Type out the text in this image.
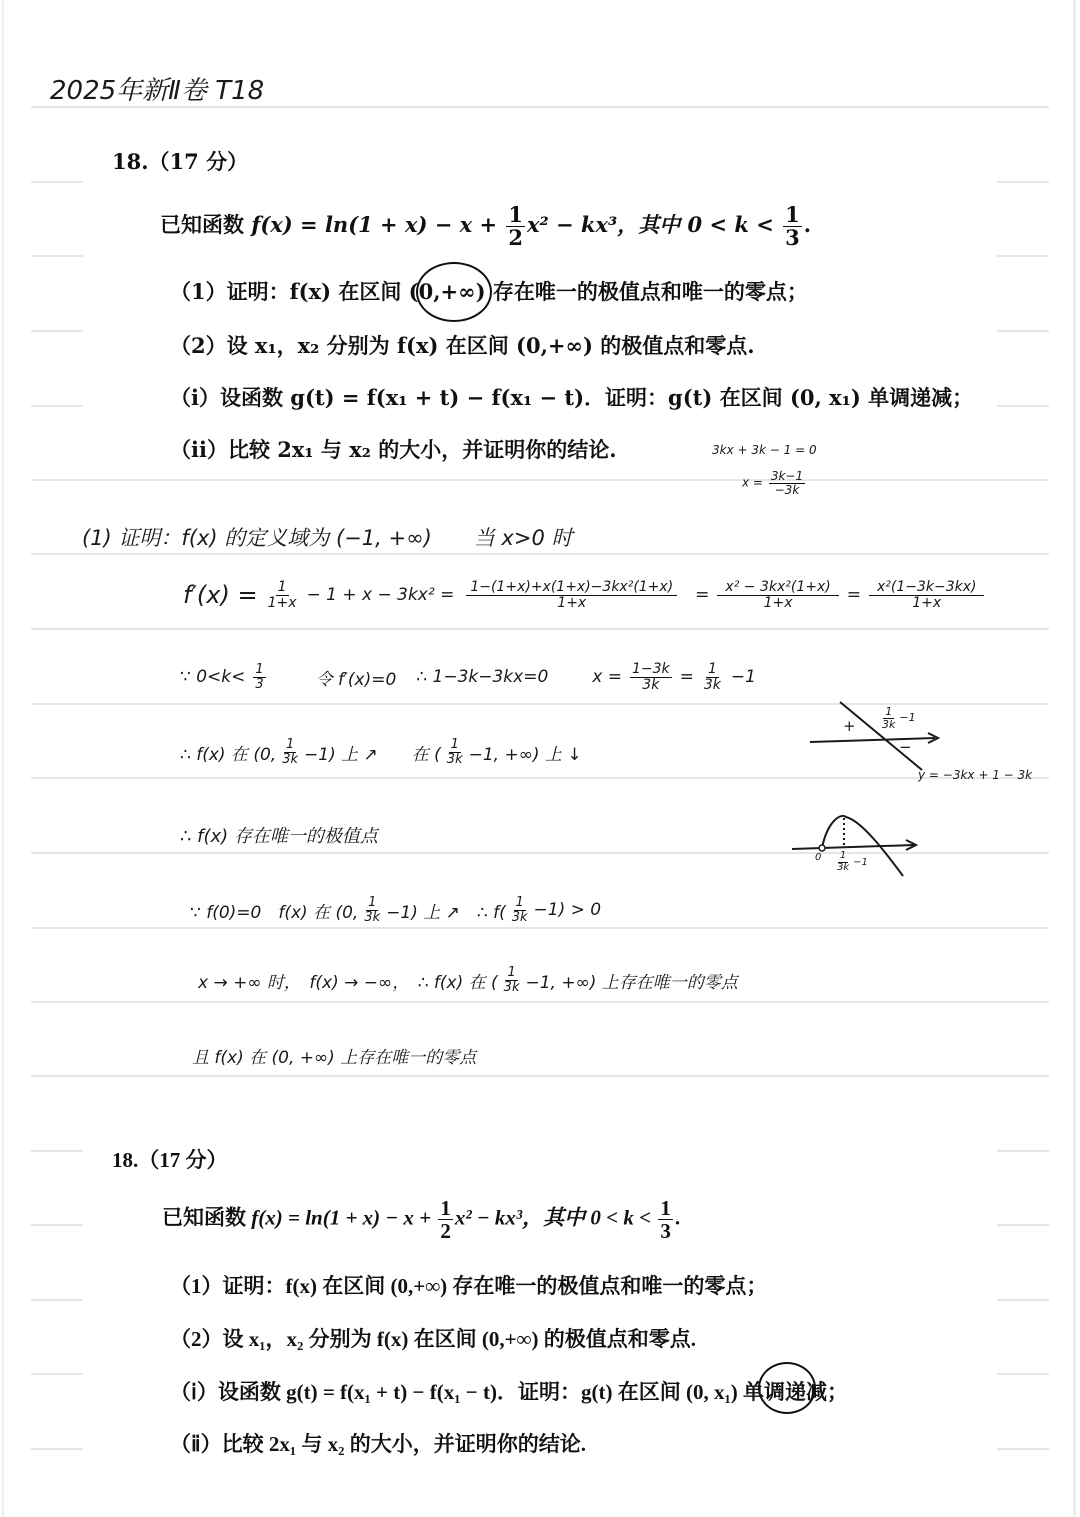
2025年新Ⅱ卷 T18
18.（17 分）
已知函数 $f(x) = \ln(1 + x) - x + \frac{1}{2} x^2 - kx^3$，其中 $0 < k < \frac{1}{3}$ .
（1）证明：f(x) 在区间 (0,+∞) 存在唯一的极值点和唯一的零点；
（2）设 x₁，x₂ 分别为 f(x) 在区间 (0,+∞) 的极值点和零点.
（ⅰ）设函数 g(t) = f(x₁ + t) − f(x₁ − t)．证明：g(t) 在区间 (0, x₁) 单调递减；
（ⅱ）比较 2x₁ 与 x₂ 的大小，并证明你的结论.	3kx + 3k − 1 = 0
$x = \frac{3k-1}{-3k}$
(1) 证明：f(x) 的定义域为 (−1, +∞)　　当 x>0 时
$f'(x) = \frac{1}{1+x} - 1 + x - 3kx^2 = \frac{\text{1−(1+x)+x(1+x)−3kx²(1+x)}}{1+x} = \frac{\text{x² − 3kx²(1+x)}}{1+x} = \frac{\text{x²(1−3k−3kx)}}{1+x}$
∵ $0<k< \frac{1}{3}$	令 f′(x)=0 ∴ 1−3k−3kx=0	$x = \frac{1-3k}{3k} = \frac{1}{3k} -1$
∴ f(x) 在 (0, $\frac{1}{3k} -1$) 上 ↗　　在 ( $\frac{1}{3k} -1$, +∞) 上 ↓
∴ f(x) 存在唯一的极值点
∵ f(0)=0　f(x) 在 (0, $\frac{1}{3k} -1$) 上 ↗　∴ $f( \frac{1}{3k} -1) > 0$
x → +∞ 时，　f(x) → −∞，　∴ f(x) 在 ( $\frac{1}{3k} -1$, +∞) 上存在唯一的零点
且 f(x) 在 (0, +∞) 上存在唯一的零点
+
−
$\frac{1}{3k} -1$
y = −3kx + 1 − 3k
$0 \frac{1}{3k} -1$
18.（17 分）
已知函数 $f(x) = \ln(1 + x) - x + \frac{1}{2} x^2 - kx^3$，其中 $0 < k < \frac{1}{3}$ .
（1）证明：f(x) 在区间 (0,+∞) 存在唯一的极值点和唯一的零点；
（2）设 x₁，x₂ 分别为 f(x) 在区间 (0,+∞) 的极值点和零点.
（ⅰ）设函数 g(t) = f(x₁ + t) − f(x₁ − t)．证明：g(t) 在区间 (0, x₁) 单调递减；
（ⅱ）比较 2x₁ 与 x₂ 的大小，并证明你的结论.
